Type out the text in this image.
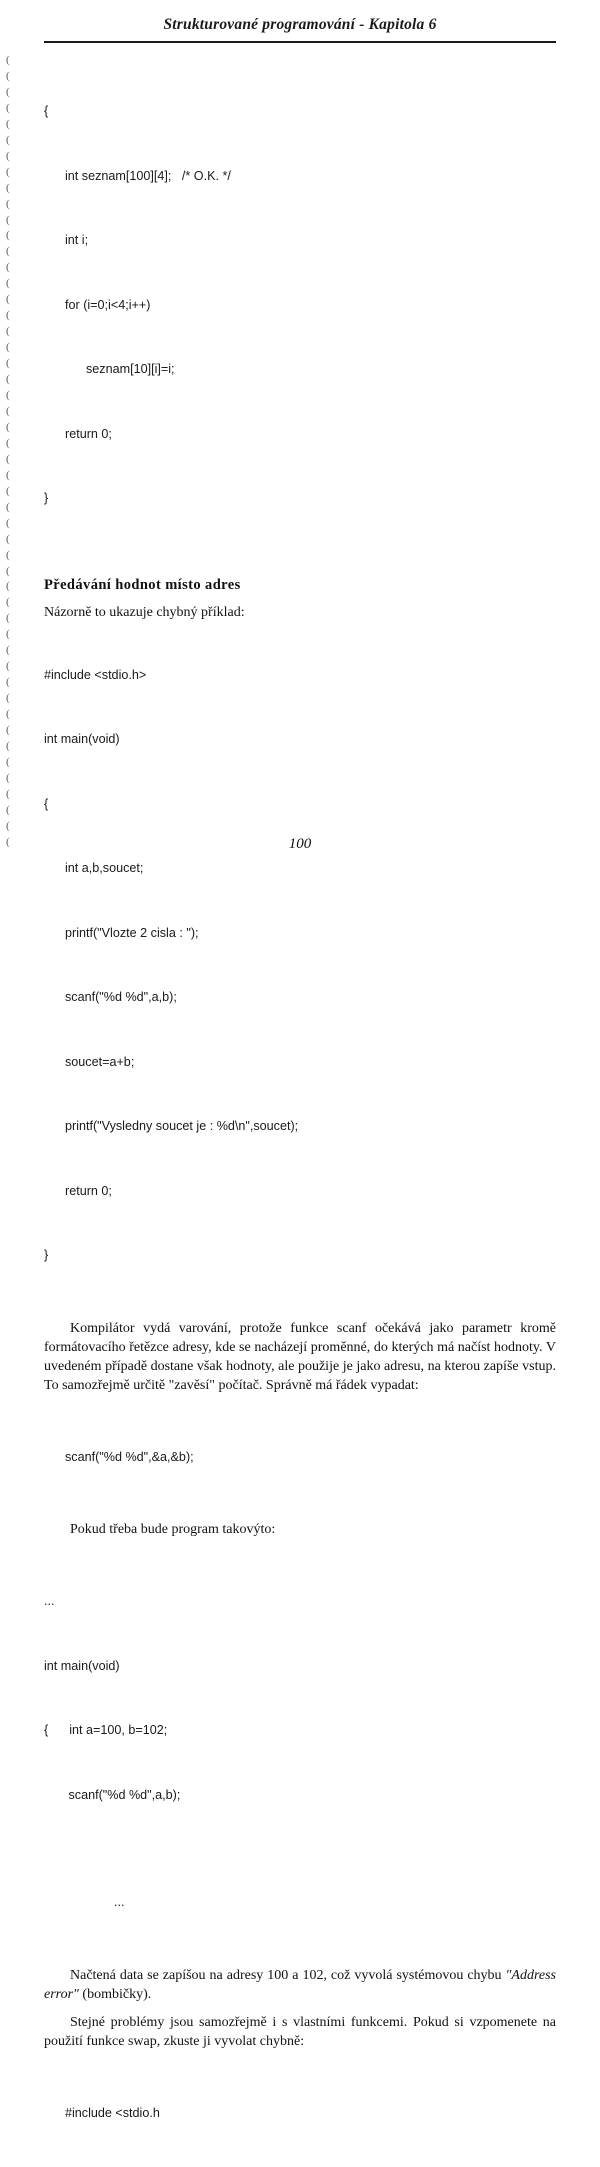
(
(
(
(
(
(
(
(
(
(
(
(
(
(
(
(
(
(
(
(
(
(
(
(
(
(
(
(
(
(
(
(
(
(
(
(
(
(
(
(
(
(
(
(
(
(
(
(
(
(
Strukturované programování - Kapitola 6

{

int seznam[100][4];   /* O.K. */

int i;

for (i=0;i<4;i++)

seznam[10][i]=i;

return 0;

}

Předávání hodnot místo adres

Názorně to ukazuje chybný příklad:

#include <stdio.h>

int main(void)

{

int a,b,soucet;

printf("Vlozte 2 cisla : ");

scanf("%d %d",a,b);

soucet=a+b;

printf("Vysledny soucet je : %d\n",soucet);

return 0;

}

Kompilátor vydá varování, protože funkce scanf očekává jako parametr kromě formátovacího řetězce adresy, kde se nacházejí proměnné, do kterých má načíst hodnoty. V uvedeném případě dostane však hodnoty, ale použije je jako adresu, na kterou zapíše vstup. To samozřejmě určitě "zavěsí" počítač. Správně má řádek vypadat:

scanf("%d %d",&a,&b);

Pokud třeba bude program takovýto:

...

int main(void)

{      int a=100, b=102;

scanf("%d %d",a,b);

...

Načtená data se zapíšou na adresy 100 a 102, což vyvolá systémovou chybu "Address error" (bombičky).

Stejné problémy jsou samozřejmě i s vlastními funkcemi. Pokud si vzpomenete na použití funkce swap, zkuste ji vyvolat chybně:

#include <stdio.h

100
